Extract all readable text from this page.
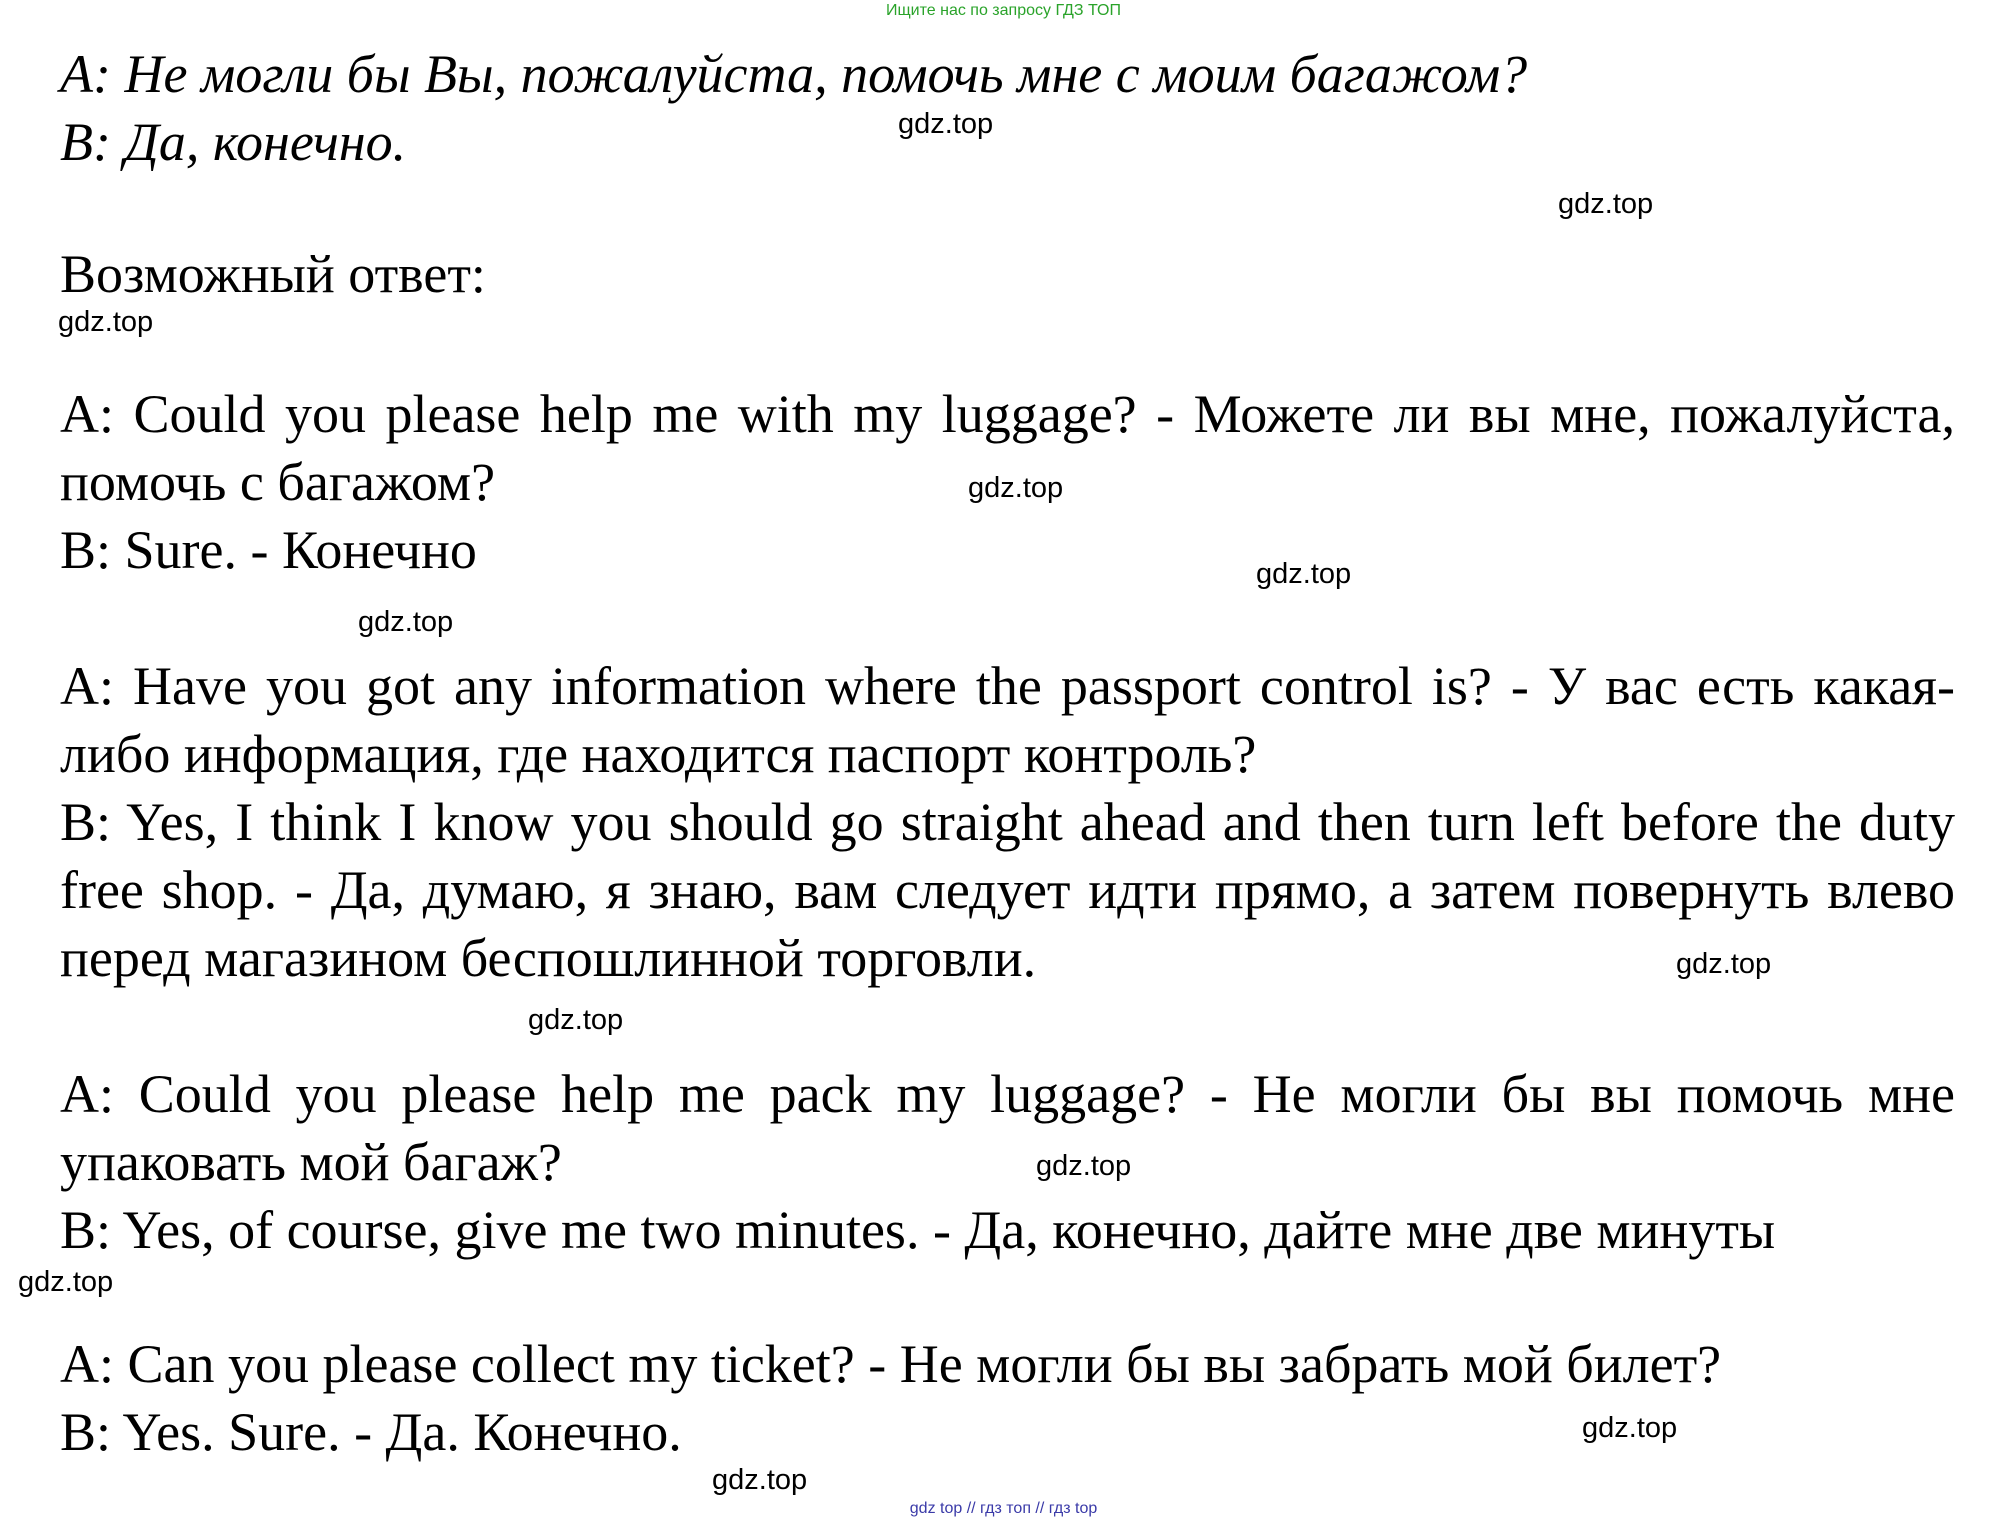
Ищите нас по запросу ГДЗ ТОП
A: Не могли бы Вы, пожалуйста, помочь мне с моим багажом?
B: Да, конечно.
Возможный ответ:
A: Could you please help me with my luggage? - Можете ли вы мне, пожалуйста, помочь с багажом?
B: Sure. - Конечно
A: Have you got any information where the passport control is? - У вас есть какая-либо информация, где находится паспорт контроль?
B: Yes, I think I know you should go straight ahead and then turn left before the duty free shop. - Да, думаю, я знаю, вам следует идти прямо, а затем повернуть влево перед магазином беспошлинной торговли.
A: Could you please help me pack my luggage? - Не могли бы вы помочь мне упаковать мой багаж?
B: Yes, of course, give me two minutes. - Да, конечно, дайте мне две минуты
A: Can you please collect my ticket? - Не могли бы вы забрать мой билет?
B: Yes. Sure. - Да. Конечно.
gdz.top
gdz.top
gdz.top
gdz.top
gdz.top
gdz.top
gdz.top
gdz.top
gdz.top
gdz.top
gdz.top
gdz.top
gdz top // гдз топ // гдз top
